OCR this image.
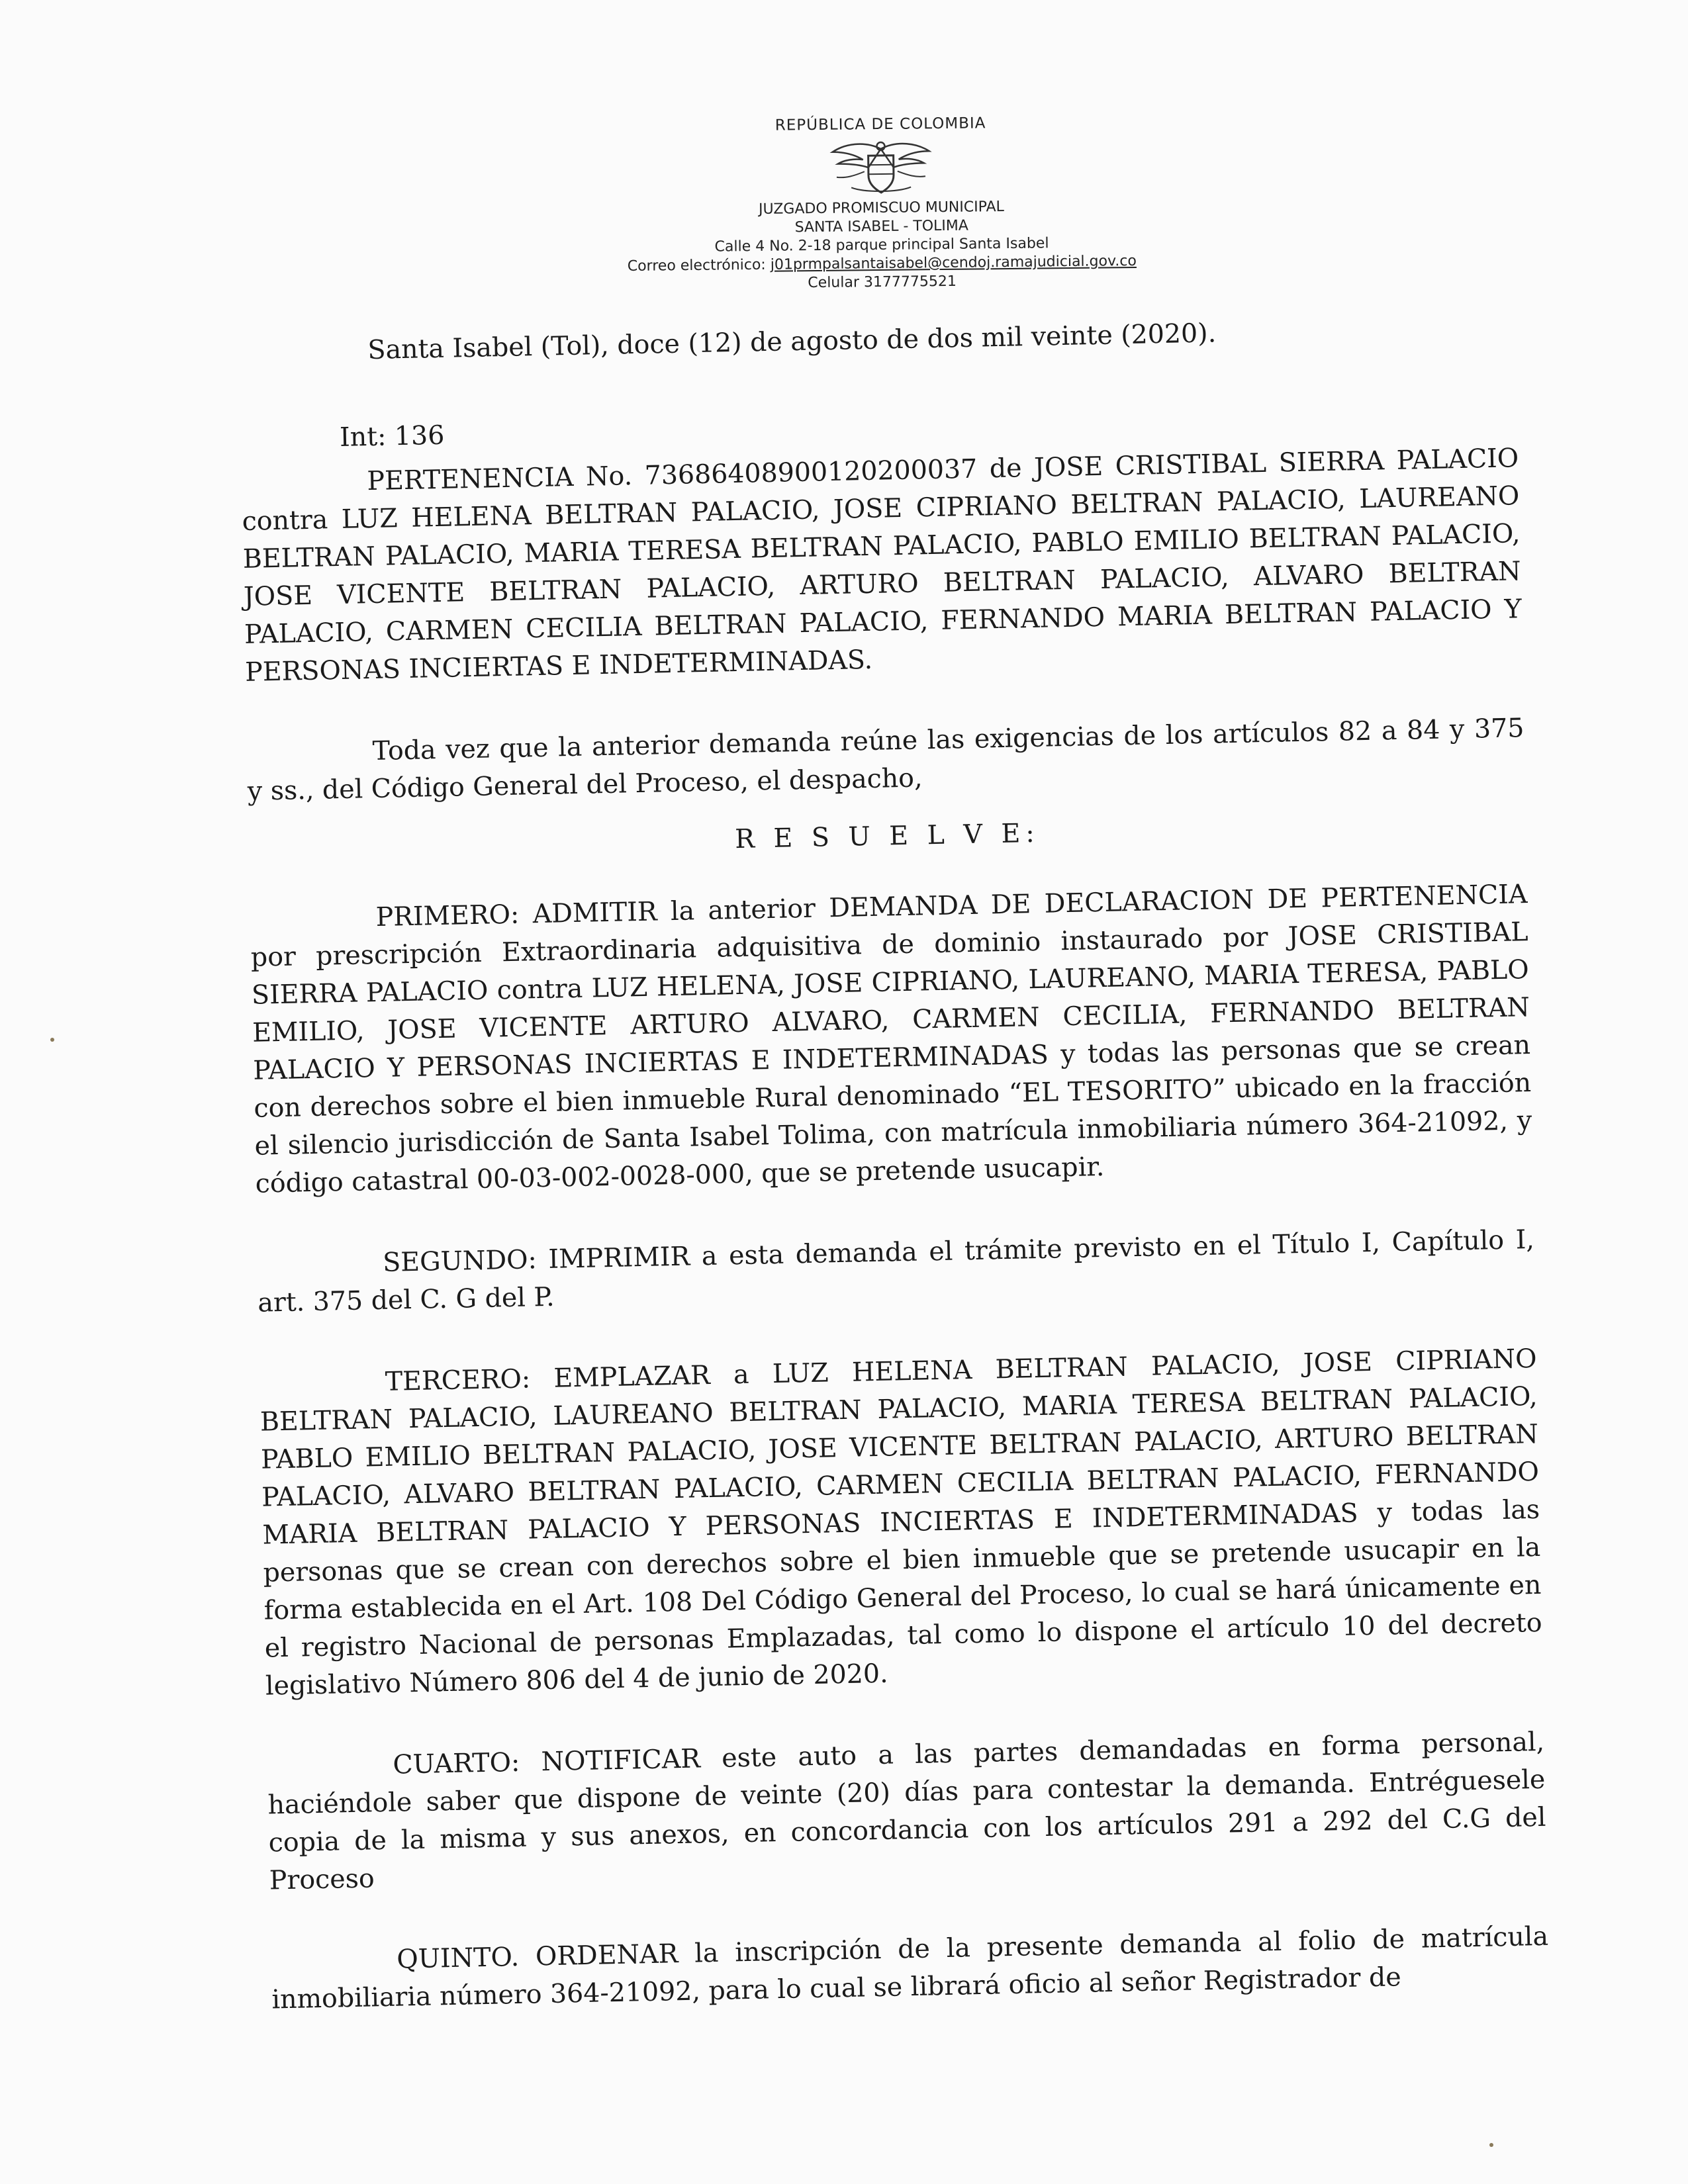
REPÚBLICA DE COLOMBIA
JUZGADO PROMISCUO MUNICIPAL
SANTA ISABEL - TOLIMA
Calle 4 No. 2-18 parque principal Santa Isabel
Correo electrónico: j01prmpalsantaisabel@cendoj.ramajudicial.gov.co
Celular 3177775521
Santa Isabel (Tol), doce (12) de agosto de dos mil veinte (2020).
Int: 136
PERTENENCIA No. 73686408900120200037 de JOSE CRISTIBAL SIERRA PALACIO contra LUZ HELENA BELTRAN PALACIO, JOSE CIPRIANO BELTRAN PALACIO, LAUREANO BELTRAN PALACIO, MARIA TERESA BELTRAN PALACIO, PABLO EMILIO BELTRAN PALACIO, JOSE VICENTE BELTRAN PALACIO, ARTURO BELTRAN PALACIO, ALVARO BELTRAN PALACIO, CARMEN CECILIA BELTRAN PALACIO, FERNANDO MARIA BELTRAN PALACIO Y PERSONAS INCIERTAS E INDETERMINADAS.
Toda vez que la anterior demanda reúne las exigencias de los artículos 82 a 84 y 375 y ss., del Código General del Proceso, el despacho,
R E S U E L V E:
PRIMERO: ADMITIR la anterior DEMANDA DE DECLARACION DE PERTENENCIA por prescripción Extraordinaria adquisitiva de dominio instaurado por JOSE CRISTIBAL SIERRA PALACIO contra LUZ HELENA, JOSE CIPRIANO, LAUREANO, MARIA TERESA, PABLO EMILIO, JOSE VICENTE ARTURO ALVARO, CARMEN CECILIA, FERNANDO BELTRAN PALACIO Y PERSONAS INCIERTAS E INDETERMINADAS y todas las personas que se crean con derechos sobre el bien inmueble Rural denominado “EL TESORITO” ubicado en la fracción el silencio jurisdicción de Santa Isabel Tolima, con matrícula inmobiliaria número 364-21092, y código catastral 00-03-002-0028-000, que se pretende usucapir.
SEGUNDO: IMPRIMIR a esta demanda el trámite previsto en el Título I, Capítulo I, art. 375 del C. G del P.
TERCERO: EMPLAZAR a LUZ HELENA BELTRAN PALACIO, JOSE CIPRIANO BELTRAN PALACIO, LAUREANO BELTRAN PALACIO, MARIA TERESA BELTRAN PALACIO, PABLO EMILIO BELTRAN PALACIO, JOSE VICENTE BELTRAN PALACIO, ARTURO BELTRAN PALACIO, ALVARO BELTRAN PALACIO, CARMEN CECILIA BELTRAN PALACIO, FERNANDO MARIA BELTRAN PALACIO Y PERSONAS INCIERTAS E INDETERMINADAS y todas las personas que se crean con derechos sobre el bien inmueble que se pretende usucapir en la forma establecida en el Art. 108 Del Código General del Proceso, lo cual se hará únicamente en el registro Nacional de personas Emplazadas, tal como lo dispone el artículo 10 del decreto legislativo Número 806 del 4 de junio de 2020.
CUARTO: NOTIFICAR este auto a las partes demandadas en forma personal, haciéndole saber que dispone de veinte (20) días para contestar la demanda. Entréguesele copia de la misma y sus anexos, en concordancia con los artículos 291 a 292 del C.G del Proceso
QUINTO. ORDENAR la inscripción de la presente demanda al folio de matrícula inmobiliaria número 364-21092, para lo cual se librará oficio al señor Registrador de
